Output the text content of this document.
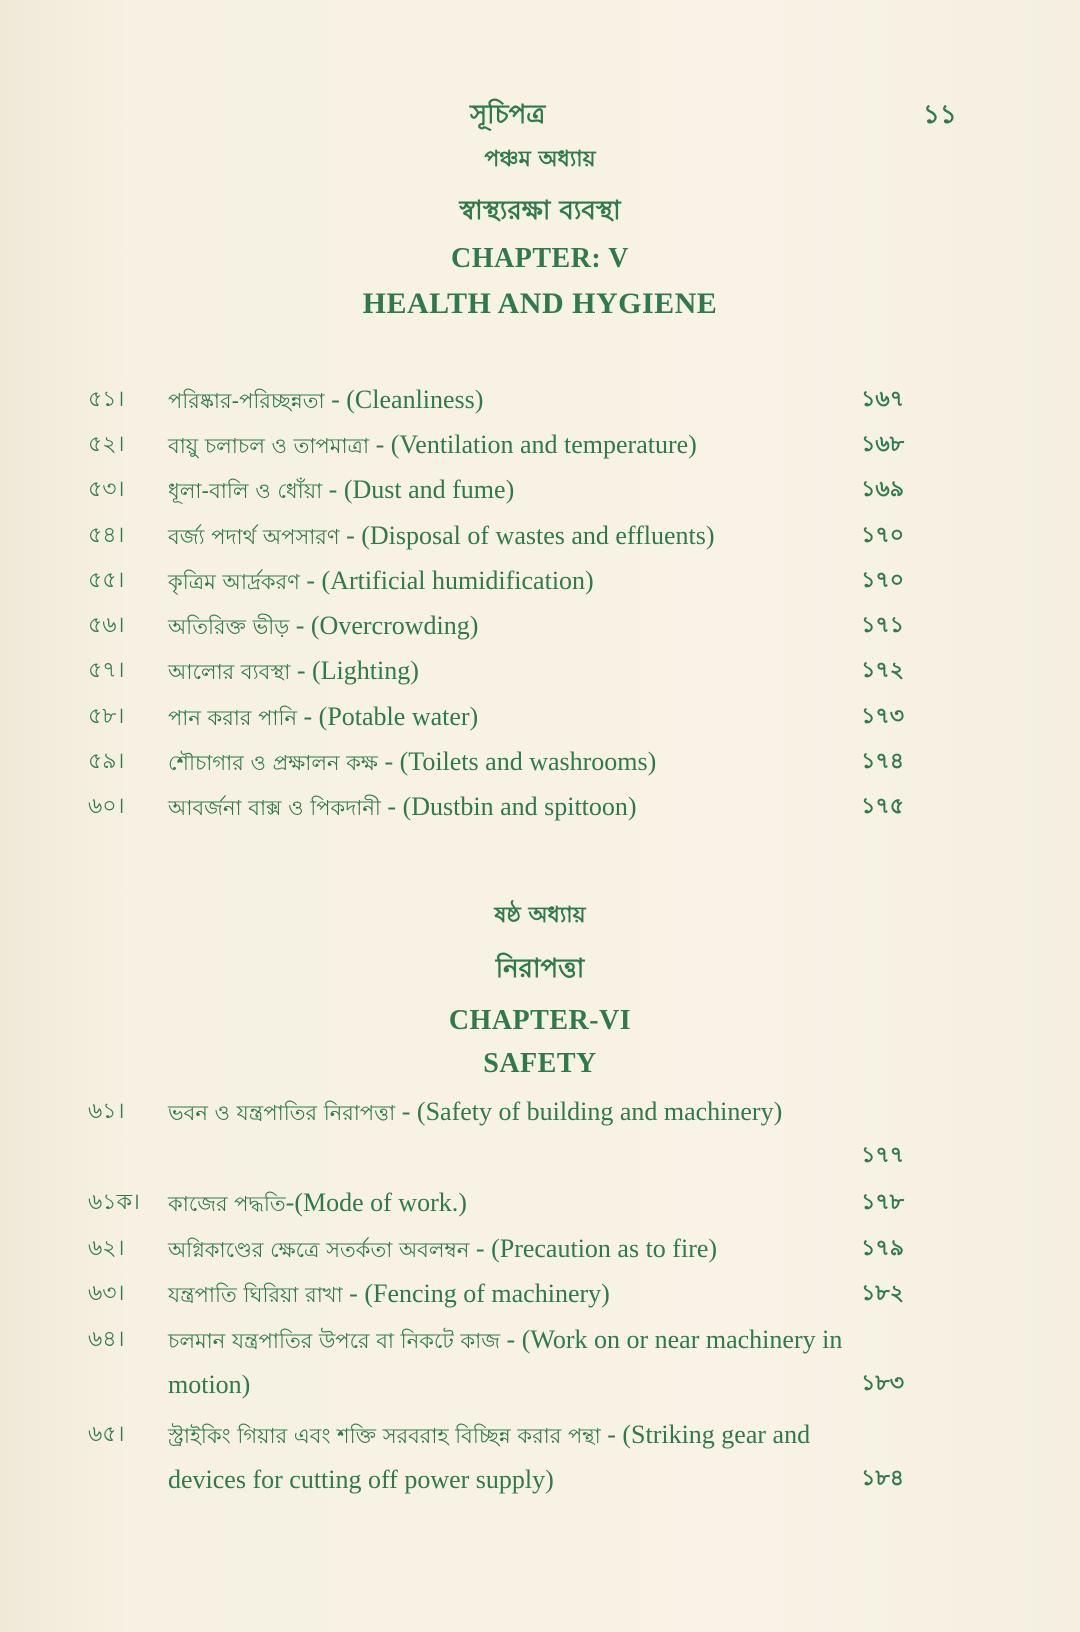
সূচিপত্র	১১
পঞ্চম অধ্যায়
স্বাস্থ্যরক্ষা ব্যবস্থা
CHAPTER: V
HEALTH AND HYGIENE
৫১। পরিষ্কার-পরিচ্ছন্নতা - (Cleanliness)	১৬৭
৫২। বায়ু চলাচল ও তাপমাত্রা - (Ventilation and temperature)	১৬৮
৫৩। ধূলা-বালি ও ধোঁয়া - (Dust and fume)	১৬৯
৫৪। বর্জ্য পদার্থ অপসারণ - (Disposal of wastes and effluents)	১৭০
৫৫। কৃত্রিম আর্দ্রকরণ - (Artificial humidification)	১৭০
৫৬। অতিরিক্ত ভীড় - (Overcrowding)	১৭১
৫৭। আলোর ব্যবস্থা - (Lighting)	১৭২
৫৮। পান করার পানি - (Potable water)	১৭৩
৫৯। শৌচাগার ও প্রক্ষালন কক্ষ - (Toilets and washrooms)	১৭৪
৬০। আবর্জনা বাক্স ও পিকদানী - (Dustbin and spittoon)	১৭৫
ষষ্ঠ অধ্যায়
নিরাপত্তা
CHAPTER-VI
SAFETY
৬১। ভবন ও যন্ত্রপাতির নিরাপত্তা - (Safety of building and machinery)
১৭৭
৬১ক। কাজের পদ্ধতি-(Mode of work.)	১৭৮
৬২। অগ্নিকাণ্ডের ক্ষেত্রে সতর্কতা অবলম্বন - (Precaution as to fire)	১৭৯
৬৩। যন্ত্রপাতি ঘিরিয়া রাখা - (Fencing of machinery)	১৮২
৬৪। চলমান যন্ত্রপাতির উপরে বা নিকটে কাজ - (Work on or near machinery in motion)	১৮৩
৬৫। স্ট্রাইকিং গিয়ার এবং শক্তি সরবরাহ বিচ্ছিন্ন করার পন্থা - (Striking gear and devices for cutting off power supply)	১৮৪
